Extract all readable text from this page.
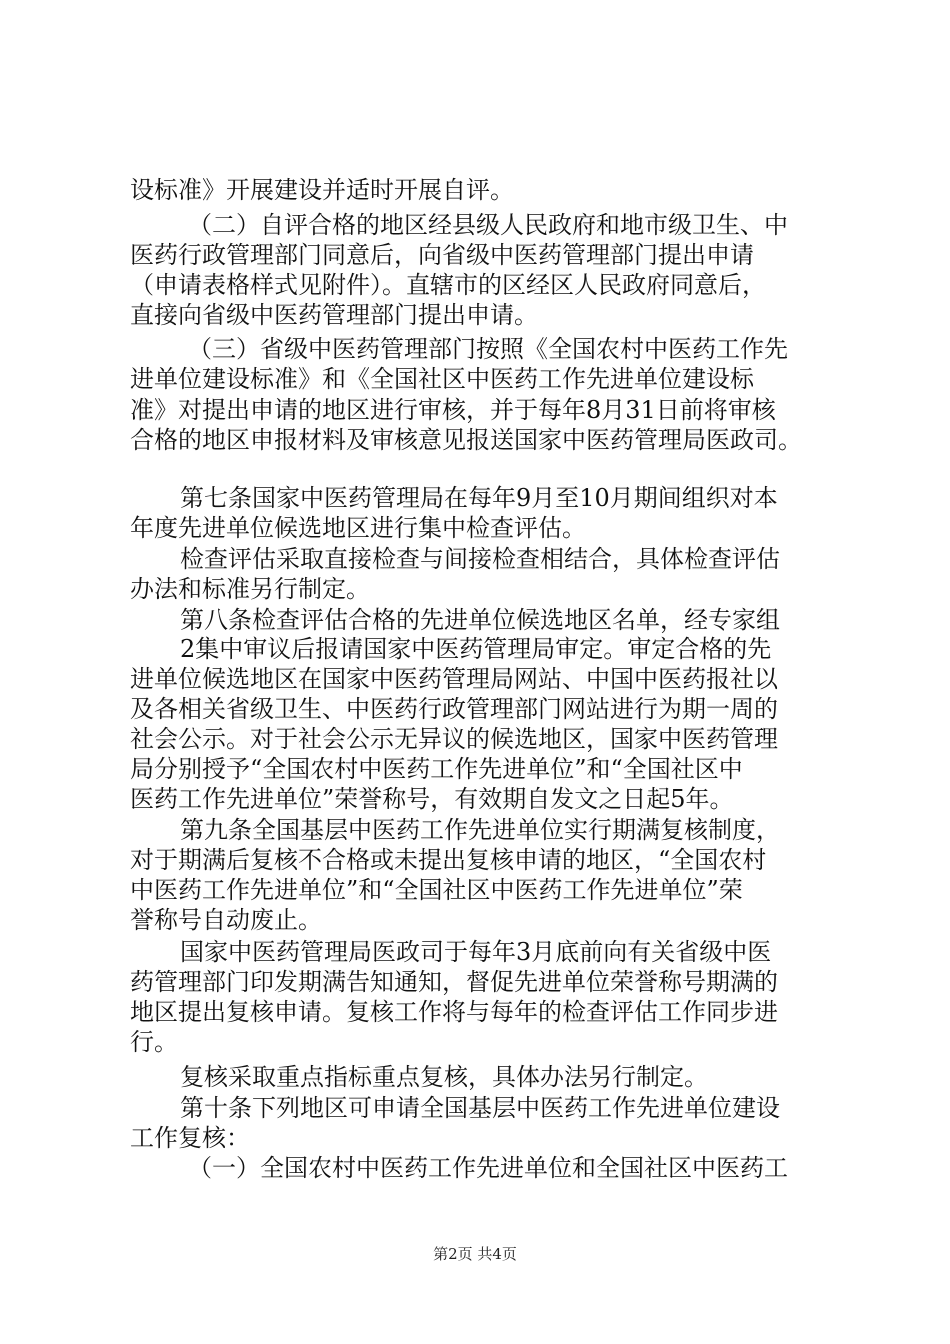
设标准》开展建设并适时开展自评。
（二）自评合格的地区经县级人民政府和地市级卫生、中
医药行政管理部门同意后，向省级中医药管理部门提出申请
（申请表格样式见附件）。直辖市的区经区人民政府同意后，
直接向省级中医药管理部门提出申请。
（三）省级中医药管理部门按照《全国农村中医药工作先
进单位建设标准》和《全国社区中医药工作先进单位建设标
准》对提出申请的地区进行审核，并于每年8月31日前将审核
合格的地区申报材料及审核意见报送国家中医药管理局医政司。
第七条国家中医药管理局在每年9月至10月期间组织对本
年度先进单位候选地区进行集中检查评估。
检查评估采取直接检查与间接检查相结合，具体检查评估
办法和标准另行制定。
第八条检查评估合格的先进单位候选地区名单，经专家组
2集中审议后报请国家中医药管理局审定。审定合格的先
进单位候选地区在国家中医药管理局网站、中国中医药报社以
及各相关省级卫生、中医药行政管理部门网站进行为期一周的
社会公示。对于社会公示无异议的候选地区，国家中医药管理
局分别授予“全国农村中医药工作先进单位”和“全国社区中
医药工作先进单位”荣誉称号，有效期自发文之日起5年。
第九条全国基层中医药工作先进单位实行期满复核制度，
对于期满后复核不合格或未提出复核申请的地区，“全国农村
中医药工作先进单位”和“全国社区中医药工作先进单位”荣
誉称号自动废止。
国家中医药管理局医政司于每年3月底前向有关省级中医
药管理部门印发期满告知通知，督促先进单位荣誉称号期满的
地区提出复核申请。复核工作将与每年的检查评估工作同步进
行。
复核采取重点指标重点复核，具体办法另行制定。
第十条下列地区可申请全国基层中医药工作先进单位建设
工作复核：
（一）全国农村中医药工作先进单位和全国社区中医药工
第2页 共4页
